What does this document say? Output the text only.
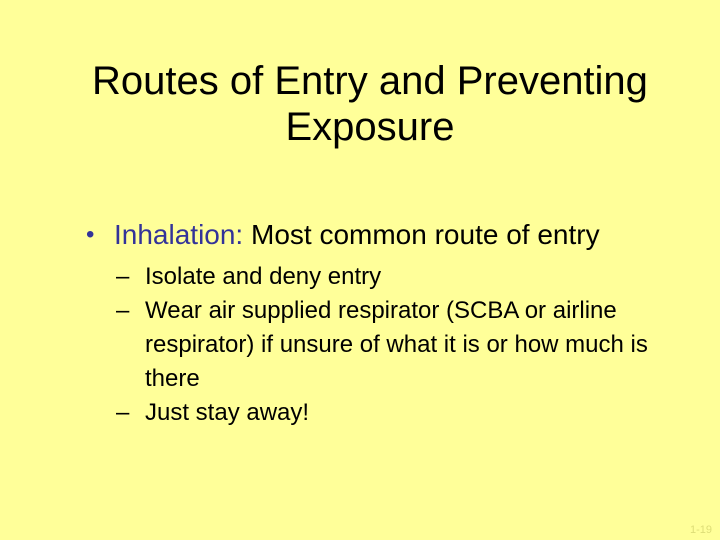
Routes of Entry and Preventing Exposure
• Inhalation: Most common route of entry
– Isolate and deny entry
– Wear air supplied respirator (SCBA or airline respirator) if unsure of what it is or how much is there
– Just stay away!
1-19
